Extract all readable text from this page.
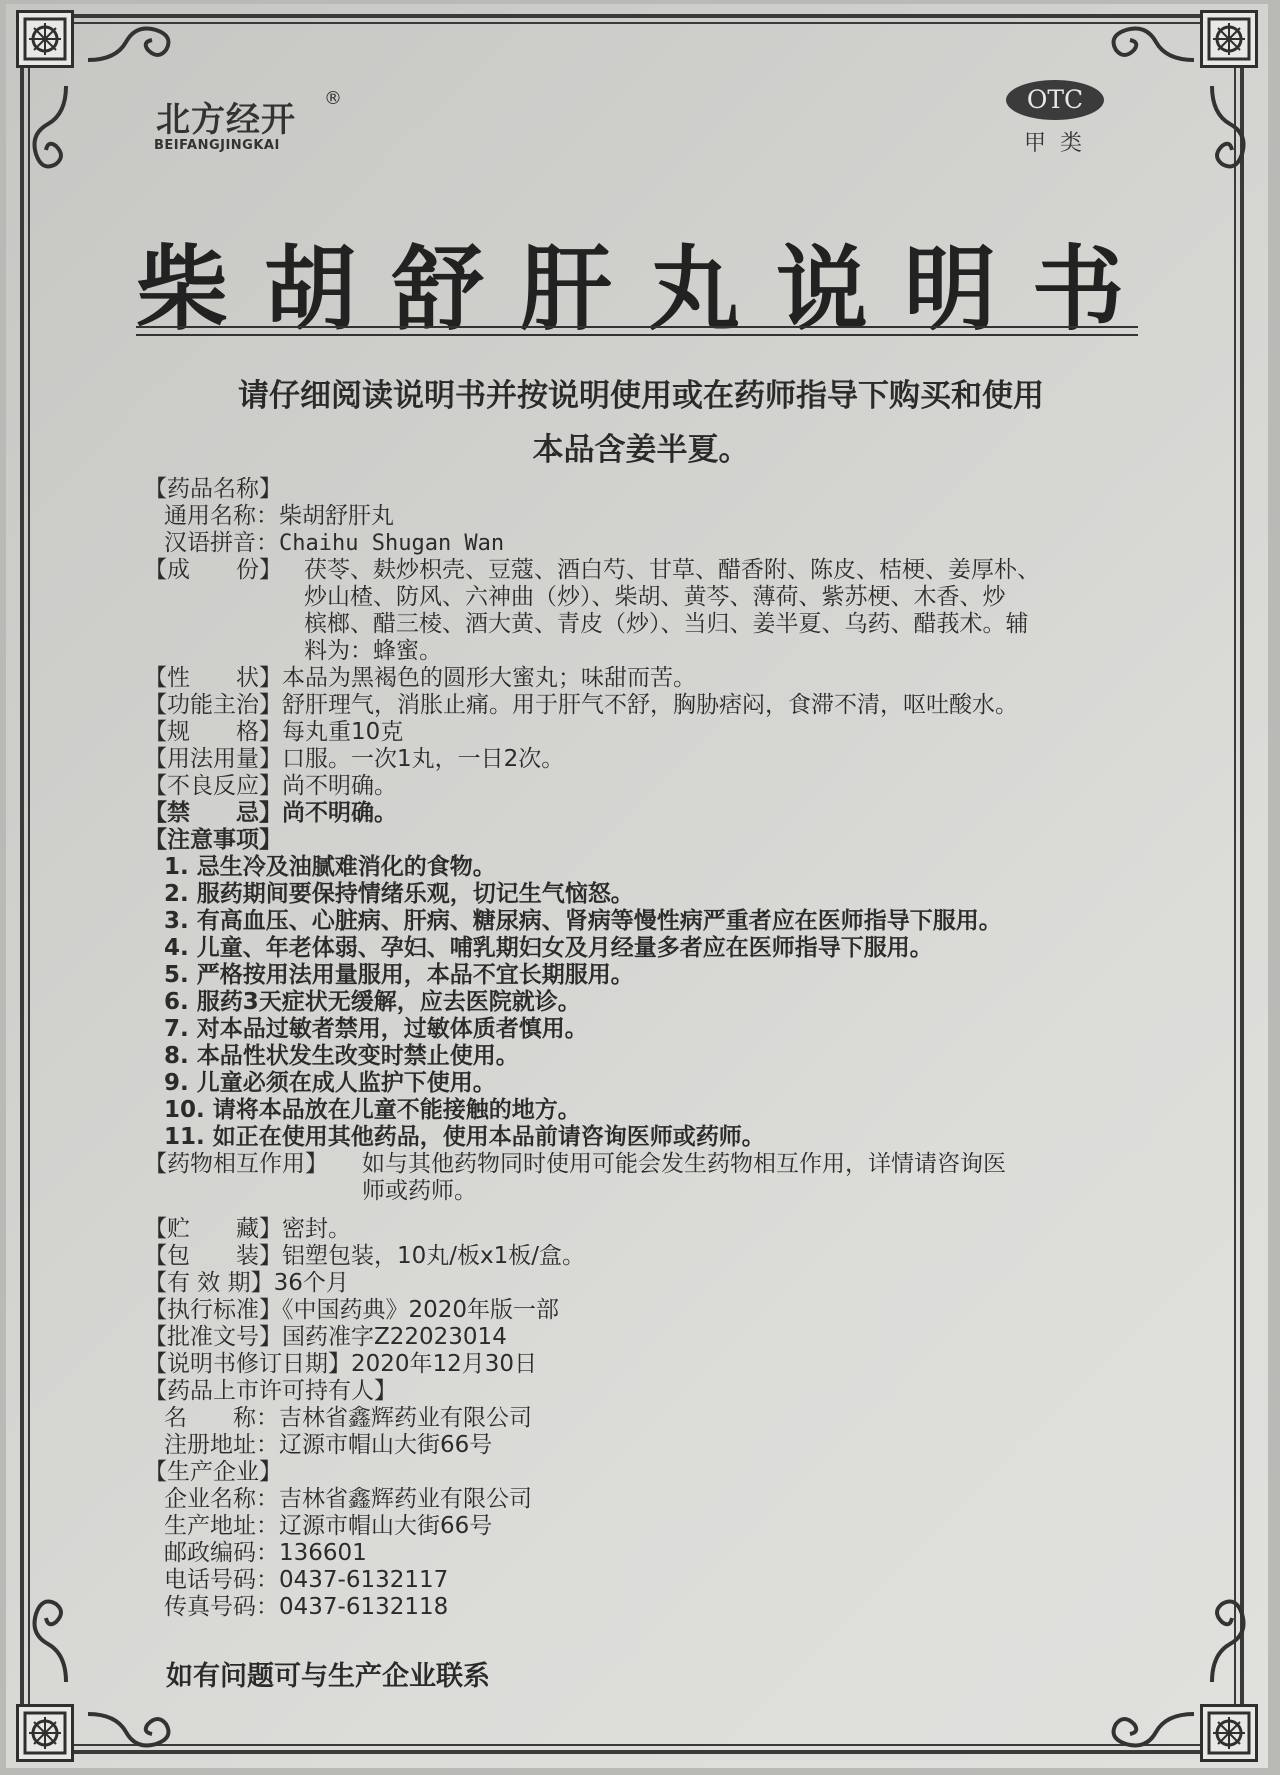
北方经开
®
BEIFANGJINGKAI
OTC
甲类
柴胡舒肝丸说明书
请仔细阅读说明书并按说明使用或在药师指导下购买和使用
本品含姜半夏。
【药品名称】
通用名称：柴胡舒肝丸
汉语拼音：Chaihu Shugan Wan
【成　　份】 茯苓、麸炒枳壳、豆蔻、酒白芍、甘草、醋香附、陈皮、桔梗、姜厚朴、
炒山楂、防风、六神曲（炒）、柴胡、黄芩、薄荷、紫苏梗、木香、炒
槟榔、醋三棱、酒大黄、青皮（炒）、当归、姜半夏、乌药、醋莪术。辅
料为：蜂蜜。
【性　　状】本品为黑褐色的圆形大蜜丸；味甜而苦。
【功能主治】舒肝理气，消胀止痛。用于肝气不舒，胸胁痞闷，食滞不清，呕吐酸水。
【规　　格】每丸重10克
【用法用量】口服。一次1丸，一日2次。
【不良反应】尚不明确。
【禁　　忌】尚不明确。
【注意事项】
1. 忌生冷及油腻难消化的食物。
2. 服药期间要保持情绪乐观，切记生气恼怒。
3. 有高血压、心脏病、肝病、糖尿病、肾病等慢性病严重者应在医师指导下服用。
4. 儿童、年老体弱、孕妇、哺乳期妇女及月经量多者应在医师指导下服用。
5. 严格按用法用量服用，本品不宜长期服用。
6. 服药3天症状无缓解，应去医院就诊。
7. 对本品过敏者禁用，过敏体质者慎用。
8. 本品性状发生改变时禁止使用。
9. 儿童必须在成人监护下使用。
10. 请将本品放在儿童不能接触的地方。
11. 如正在使用其他药品，使用本品前请咨询医师或药师。
【药物相互作用】 如与其他药物同时使用可能会发生药物相互作用，详情请咨询医
师或药师。
【贮　　藏】密封。
【包　　装】铝塑包装，10丸/板x1板/盒。
【有 效 期】36个月
【执行标准】《中国药典》2020年版一部
【批准文号】国药准字Z22023014
【说明书修订日期】2020年12月30日
【药品上市许可持有人】
名　　称：吉林省鑫辉药业有限公司
注册地址：辽源市帽山大街66号
【生产企业】
企业名称：吉林省鑫辉药业有限公司
生产地址：辽源市帽山大街66号
邮政编码：136601
电话号码：0437-6132117
传真号码：0437-6132118
如有问题可与生产企业联系
